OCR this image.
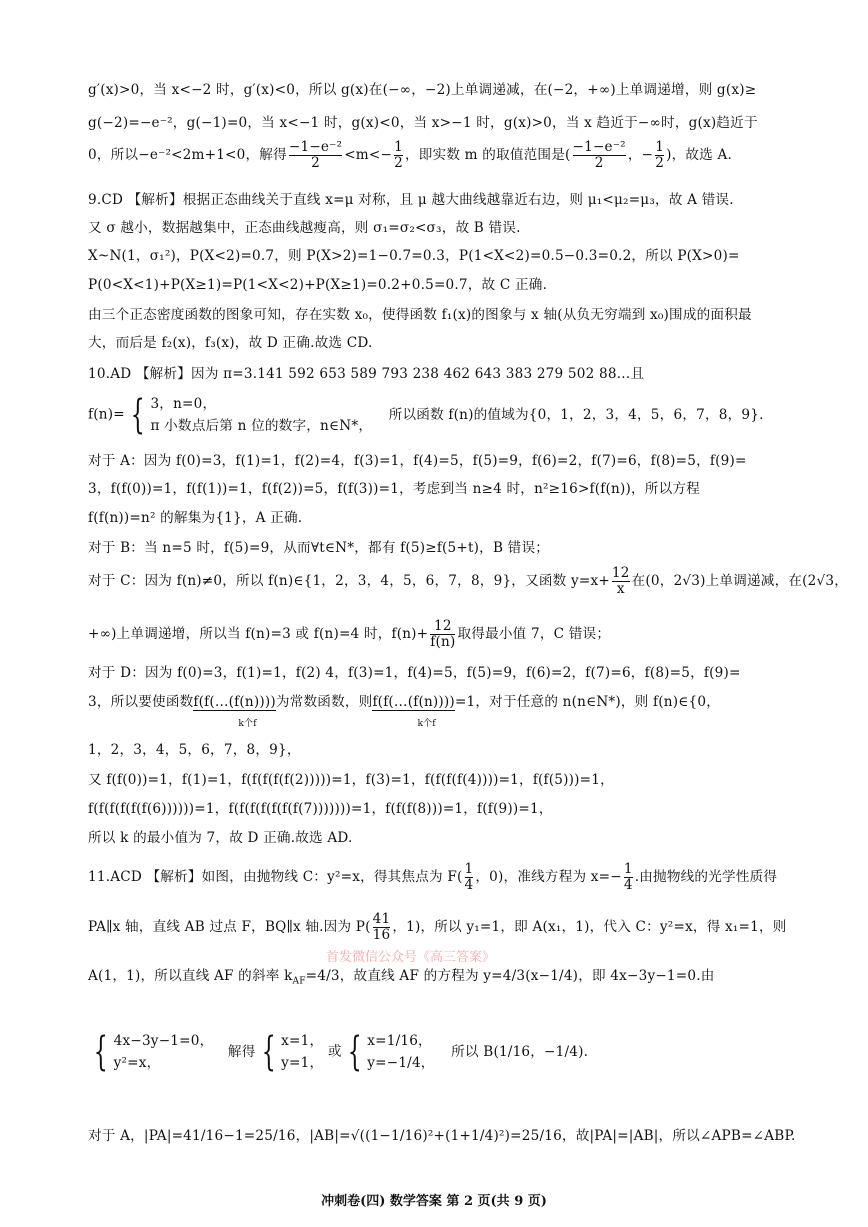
g′(x)>0，当 x<−2 时，g′(x)<0，所以 g(x)在(−∞，−2)上单调递减，在(−2，+∞)上单调递增，则 g(x)≥
g(−2)=−e⁻²，g(−1)=0，当 x<−1 时，g(x)<0，当 x>−1 时，g(x)>0，当 x 趋近于−∞时，g(x)趋近于
0，所以−e⁻²<2m+1<0，解得 $\frac{\text{−1−e⁻²}}{2} <m<- \frac{1}{2}$ ，即实数 m 的取值范围是( $\frac{\text{−1−e⁻²}}{2}$ ，− $\frac{1}{2}$ )，故选 A.
9.CD 【解析】根据正态曲线关于直线 x=μ 对称，且 μ 越大曲线越靠近右边，则 μ₁<μ₂=μ₃，故 A 错误.
又 σ 越小，数据越集中，正态曲线越瘦高，则 σ₁=σ₂<σ₃，故 B 错误.
X~N(1，σ₁²)，P(X<2)=0.7，则 P(X>2)=1−0.7=0.3，P(1<X<2)=0.5−0.3=0.2，所以 P(X>0)=
P(0<X<1)+P(X≥1)=P(1<X<2)+P(X≥1)=0.2+0.5=0.7，故 C 正确.
由三个正态密度函数的图象可知，存在实数 x₀，使得函数 f₁(x)的图象与 x 轴(从负无穷端到 x₀)围成的面积最
大，而后是 f₂(x)，f₃(x)，故 D 正确.故选 CD.
10.AD 【解析】因为 π=3.141 592 653 589 793 238 462 643 383 279 502 88…且
f(n)= { 3，n=0，
π 小数点后第 n 位的数字，n∈N*，
所以函数 f(n)的值域为{0，1，2，3，4，5，6，7，8，9}.
对于 A：因为 f(0)=3，f(1)=1，f(2)=4，f(3)=1，f(4)=5，f(5)=9，f(6)=2，f(7)=6，f(8)=5，f(9)=
3，f(f(0))=1，f(f(1))=1，f(f(2))=5，f(f(3))=1，考虑到当 n≥4 时，n²≥16>f(f(n))，所以方程
f(f(n))=n² 的解集为{1}，A 正确.
对于 B：当 n=5 时，f(5)=9，从而∀t∈N*，都有 f(5)≥f(5+t)，B 错误；
对于 C：因为 f(n)≠0，所以 f(n)∈{1，2，3，4，5，6，7，8，9}，又函数 $y=x+ \frac{12}{x}$ 在(0，2√3)上单调递减，在(2√3，
+∞)上单调递增，所以当 f(n)=3 或 f(n)=4 时，$f(n)+ \frac{12}{f(n)}$ 取得最小值 7，C 错误；
对于 D：因为 f(0)=3，f(1)=1，f(2) 4，f(3)=1，f(4)=5，f(5)=9，f(6)=2，f(7)=6，f(8)=5，f(9)=
3，所以要使函数f(f(…(f(n))))
k个f
为常数函数，则f(f(…(f(n))))
k个f
=1，对于任意的 n(n∈N*)，则 f(n)∈{0，
1，2，3，4，5，6，7，8，9}，
又 f(f(0))=1，f(1)=1，f(f(f(f(f(2)))))=1，f(3)=1，f(f(f(f(4))))=1，f(f(5)))=1，
f(f(f(f(f(f(6))))))=1，f(f(f(f(f(f(f(7)))))))=1，f(f(f(8)))=1，f(f(9))=1，
所以 k 的最小值为 7，故 D 正确.故选 AD.
11.ACD 【解析】如图，由抛物线 C：y²=x，得其焦点为 $F( \frac{1}{4}$ ，0)，准线方程为 $x=- \frac{1}{4}$ .由抛物线的光学性质得
PA∥x 轴，直线 AB 过点 F，BQ∥x 轴.因为 $P( \frac{41}{16}$ ，1)，所以 y₁=1，即 A(x₁，1)，代入 C：y²=x，得 x₁=1，则
A(1，1)，所以直线 AF 的斜率 $k_{AF}=4/3$，故直线 AF 的方程为 y=4/3(x−1/4)，即 4x−3y−1=0.由
{ 4x−3y−1=0，
y²=x，
解得 { x=1，
y=1，
或 { x=1/16，
y=−1/4，
所以 B(1/16，−1/4).
对于 A，|PA|=41/16−1=25/16，|AB|=√((1−1/16)²+(1+1/4)²)=25/16，故|PA|=|AB|，所以∠APB=∠ABP.
首发微信公众号《高三答案》
冲刺卷(四) 数学答案 第 2 页(共 9 页)
